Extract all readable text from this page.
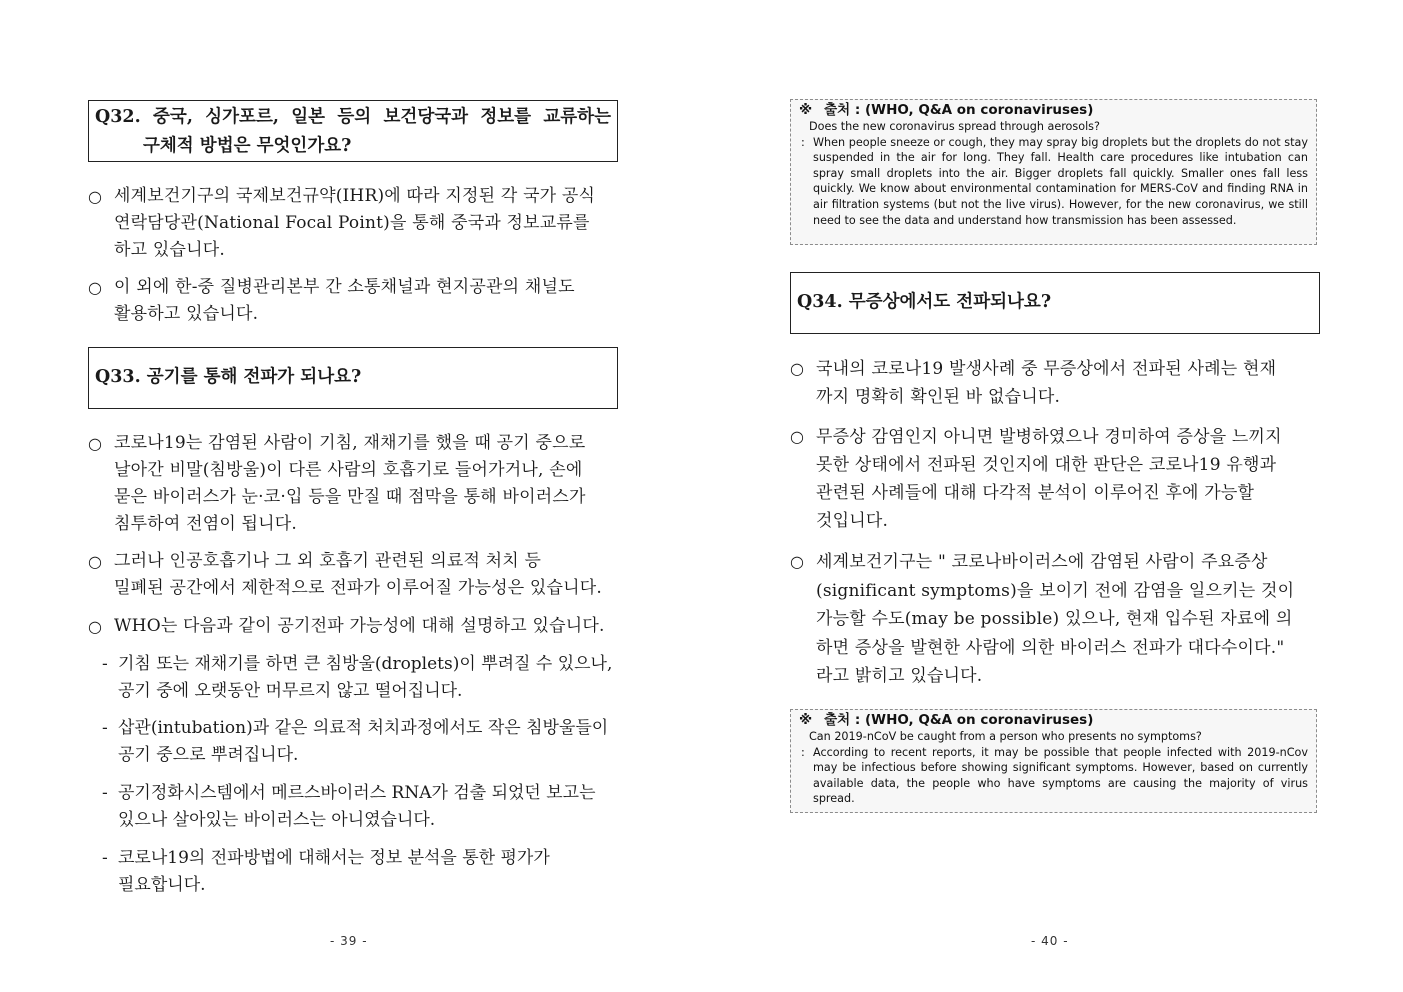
Q32. 중국, 싱가포르, 일본 등의 보건당국과 정보를 교류하는
구체적 방법은 무엇인가요?
○ 세계보건기구의 국제보건규약(IHR)에 따라 지정된 각 국가 공식
연락담당관(National Focal Point)을 통해 중국과 정보교류를
하고 있습니다.
○ 이 외에 한-중 질병관리본부 간 소통채널과 현지공관의 채널도
활용하고 있습니다.
Q33. 공기를 통해 전파가 되나요?
○ 코로나19는 감염된 사람이 기침, 재채기를 했을 때 공기 중으로
날아간 비말(침방울)이 다른 사람의 호흡기로 들어가거나, 손에
묻은 바이러스가 눈·코·입 등을 만질 때 점막을 통해 바이러스가
침투하여 전염이 됩니다.
○ 그러나 인공호흡기나 그 외 호흡기 관련된 의료적 처치 등
밀폐된 공간에서 제한적으로 전파가 이루어질 가능성은 있습니다.
○ WHO는 다음과 같이 공기전파 가능성에 대해 설명하고 있습니다.
- 기침 또는 재채기를 하면 큰 침방울(droplets)이 뿌려질 수 있으나,
공기 중에 오랫동안 머무르지 않고 떨어집니다.
- 삽관(intubation)과 같은 의료적 처치과정에서도 작은 침방울들이
공기 중으로 뿌려집니다.
- 공기정화시스템에서 메르스바이러스 RNA가 검출 되었던 보고는
있으나 살아있는 바이러스는 아니였습니다.
- 코로나19의 전파방법에 대해서는 정보 분석을 통한 평가가
필요합니다.
- 39 -
※ 출처 : (WHO, Q&A on coronaviruses)
Does the new coronavirus spread through aerosols?
: When people sneeze or cough, they may spray big droplets but the droplets do not stay suspended in the air for long. They fall. Health care procedures like intubation can spray small droplets into the air. Bigger droplets fall quickly. Smaller ones fall less quickly. We know about environmental contamination for MERS-CoV and finding RNA in air filtration systems (but not the live virus). However, for the new coronavirus, we still need to see the data and understand how transmission has been assessed.
Q34. 무증상에서도 전파되나요?
○ 국내의 코로나19 발생사례 중 무증상에서 전파된 사례는 현재
까지 명확히 확인된 바 없습니다.
○ 무증상 감염인지 아니면 발병하였으나 경미하여 증상을 느끼지
못한 상태에서 전파된 것인지에 대한 판단은 코로나19 유행과
관련된 사례들에 대해 다각적 분석이 이루어진 후에 가능할
것입니다.
○ 세계보건기구는 " 코로나바이러스에 감염된 사람이 주요증상
(significant symptoms)을 보이기 전에 감염을 일으키는 것이
가능할 수도(may be possible) 있으나, 현재 입수된 자료에 의
하면 증상을 발현한 사람에 의한 바이러스 전파가 대다수이다."
라고 밝히고 있습니다.
※ 출처 : (WHO, Q&A on coronaviruses)
Can 2019-nCoV be caught from a person who presents no symptoms?
: According to recent reports, it may be possible that people infected with 2019-nCov may be infectious before showing significant symptoms. However, based on currently available data, the people who have symptoms are causing the majority of virus spread.
- 40 -
